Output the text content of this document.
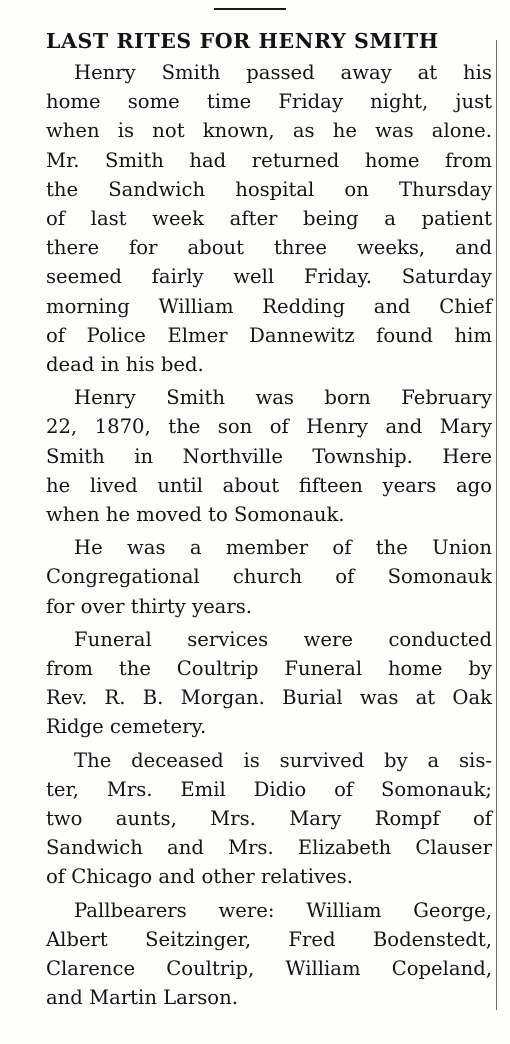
LAST RITES FOR HENRY SMITH
Henry Smith passed away at his
home some time Friday night, just
when is not known, as he was alone.
Mr. Smith had returned home from
the Sandwich hospital on Thursday
of last week after being a patient
there for about three weeks, and
seemed fairly well Friday. Saturday
morning William Redding and Chief
of Police Elmer Dannewitz found him
dead in his bed.
Henry Smith was born February
22, 1870, the son of Henry and Mary
Smith in Northville Township. Here
he lived until about fifteen years ago
when he moved to Somonauk.
He was a member of the Union
Congregational church of Somonauk
for over thirty years.
Funeral services were conducted
from the Coultrip Funeral home by
Rev. R. B. Morgan. Burial was at Oak
Ridge cemetery.
The deceased is survived by a sis-
ter, Mrs. Emil Didio of Somonauk;
two aunts, Mrs. Mary Rompf of
Sandwich and Mrs. Elizabeth Clauser
of Chicago and other relatives.
Pallbearers were: William George,
Albert Seitzinger, Fred Bodenstedt,
Clarence Coultrip, William Copeland,
and Martin Larson.
